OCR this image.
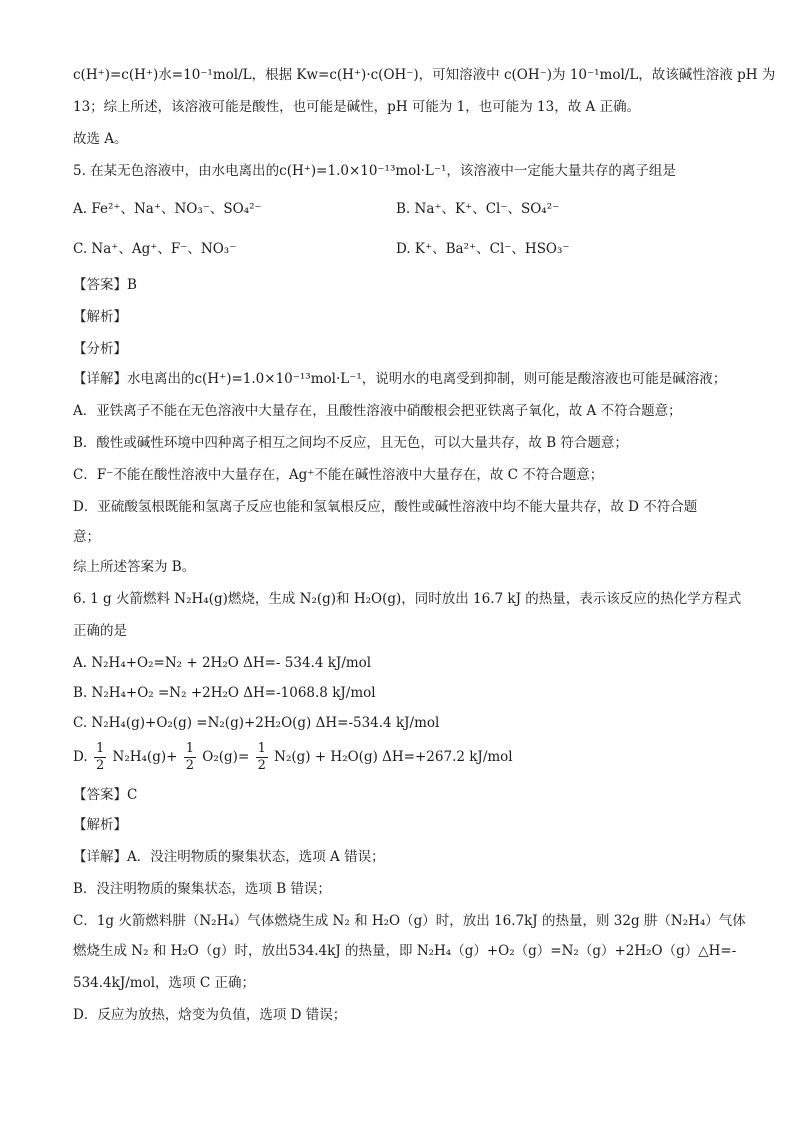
c(H⁺)=c(H⁺)水=10⁻¹mol/L，根据 Kw=c(H⁺)·c(OH⁻)，可知溶液中 c(OH⁻)为 10⁻¹mol/L，故该碱性溶液 pH 为
13；综上所述，该溶液可能是酸性，也可能是碱性，pH 可能为 1，也可能为 13，故 A 正确。
故选 A。
5. 在某无色溶液中，由水电离出的c(H⁺)=1.0×10⁻¹³mol·L⁻¹，该溶液中一定能大量共存的离子组是
A. Fe²⁺、Na⁺、NO₃⁻、SO₄²⁻	B. Na⁺、K⁺、Cl⁻、SO₄²⁻
C. Na⁺、Ag⁺、F⁻、NO₃⁻	D. K⁺、Ba²⁺、Cl⁻、HSO₃⁻
【答案】B
【解析】
【分析】
【详解】水电离出的c(H⁺)=1.0×10⁻¹³mol·L⁻¹，说明水的电离受到抑制，则可能是酸溶液也可能是碱溶液；
A．亚铁离子不能在无色溶液中大量存在，且酸性溶液中硝酸根会把亚铁离子氧化，故 A 不符合题意；
B．酸性或碱性环境中四种离子相互之间均不反应，且无色，可以大量共存，故 B 符合题意；
C．F⁻不能在酸性溶液中大量存在，Ag⁺不能在碱性溶液中大量存在，故 C 不符合题意；
D．亚硫酸氢根既能和氢离子反应也能和氢氧根反应，酸性或碱性溶液中均不能大量共存，故 D 不符合题
意；
综上所述答案为 B。
6. 1 g 火箭燃料 N₂H₄(g)燃烧，生成 N₂(g)和 H₂O(g)，同时放出 16.7 kJ 的热量，表示该反应的热化学方程式
正确的是
A. N₂H₄+O₂=N₂ + 2H₂O ΔH=- 534.4 kJ/mol
B. N₂H₄+O₂ =N₂ +2H₂O ΔH=-1068.8 kJ/mol
C. N₂H₄(g)+O₂(g) =N₂(g)+2H₂O(g) ΔH=-534.4 kJ/mol
D. $\frac{1}{2} N_2H_4(g)+ \frac{1}{2} O_2(g)= \frac{1}{2} N_2(g) + H_2O(g)$ ΔH=+267.2 kJ/mol
【答案】C
【解析】
【详解】A．没注明物质的聚集状态，选项 A 错误；
B．没注明物质的聚集状态，选项 B 错误；
C．1g 火箭燃料肼（N₂H₄）气体燃烧生成 N₂ 和 H₂O（g）时，放出 16.7kJ 的热量，则 32g 肼（N₂H₄）气体
燃烧生成 N₂ 和 H₂O（g）时，放出534.4kJ 的热量，即 N₂H₄（g）+O₂（g）=N₂（g）+2H₂O（g）△H=-
534.4kJ/mol，选项 C 正确；
D．反应为放热，焓变为负值，选项 D 错误；
